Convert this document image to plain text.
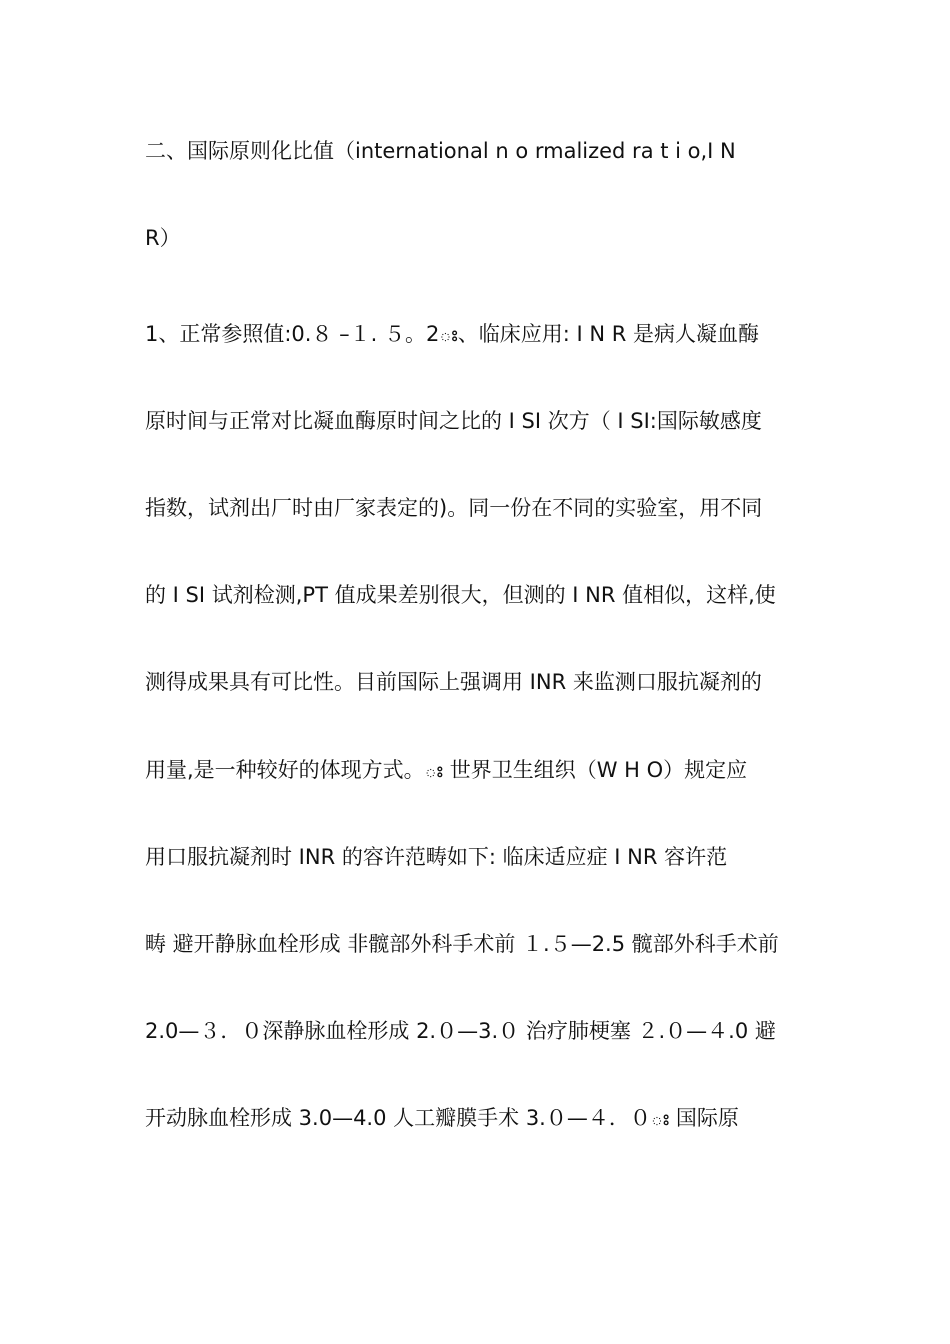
二、国际原则化比值（international n o rmalized ra t i o,I N
R）
1、正常参照值:0.８ –１. ５。2ః、临床应用: I N R 是病人凝血酶
原时间与正常对比凝血酶原时间之比的 I SI 次方（ I SI:国际敏感度
指数，试剂出厂时由厂家表定的)。同一份在不同的实验室，用不同
的 I SI 试剂检测,PT 值成果差别很大，但测的 I NR 值相似，这样,使
测得成果具有可比性。目前国际上强调用 INR 来监测口服抗凝剂的
用量,是一种较好的体现方式。ః 世界卫生组织（W H O）规定应
用口服抗凝剂时 INR 的容许范畴如下: 临床适应症 I NR 容许范
畴 避开静脉血栓形成 非髋部外科手术前 １.５—2.5 髋部外科手术前
2.0—３．０深静脉血栓形成 2.０—3.０ 治疗肺梗塞 ２.０—４.0 避
开动脉血栓形成 3.0—4.0 人工瓣膜手术 3.０—４．０ః 国际原
